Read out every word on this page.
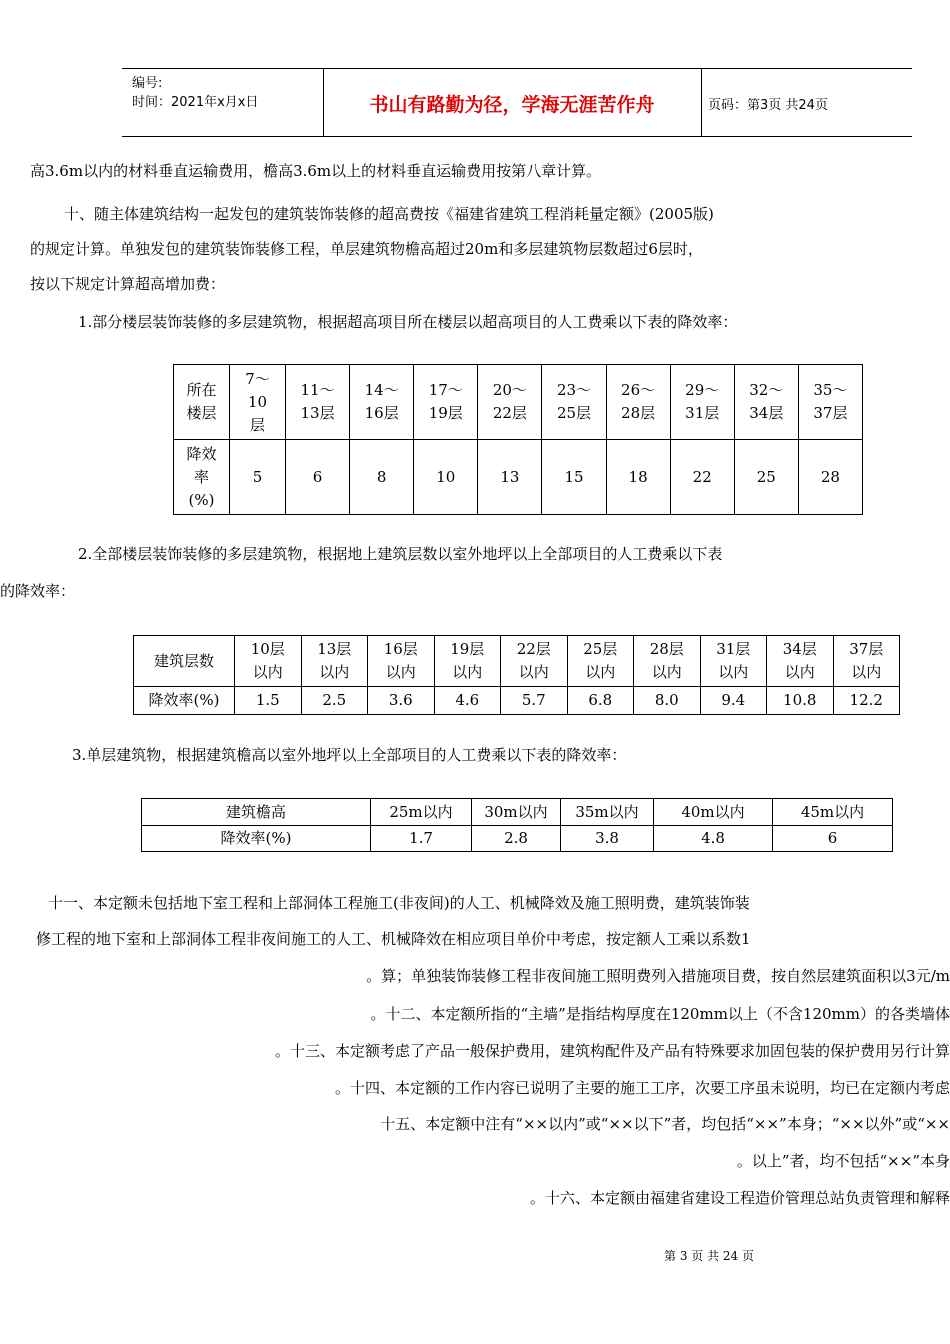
编号:
时间：2021年x月x日	书山有路勤为径，学海无涯苦作舟	页码：第3页 共24页
高3.6m以内的材料垂直运输费用，檐高3.6m以上的材料垂直运输费用按第八章计算。
十、随主体建筑结构一起发包的建筑装饰装修的超高费按《福建省建筑工程消耗量定额》(2005版)
的规定计算。单独发包的建筑装饰装修工程，单层建筑物檐高超过20m和多层建筑物层数超过6层时，
按以下规定计算超高增加费：
1.部分楼层装饰装修的多层建筑物，根据超高项目所在楼层以超高项目的人工费乘以下表的降效率：
所在
楼层	7～
10
层	11～
13层	14～
16层	17～
19层	20～
22层	23～
25层	26～
28层	29～
31层	32～
34层	35～
37层
降效
率
(%)	5	6	8	10	13	15	18	22	25	28
2.全部楼层装饰装修的多层建筑物，根据地上建筑层数以室外地坪以上全部项目的人工费乘以下表
的降效率：
建筑层数	10层
以内	13层
以内	16层
以内	19层
以内	22层
以内	25层
以内	28层
以内	31层
以内	34层
以内	37层
以内
降效率(%)	1.5	2.5	3.6	4.6	5.7	6.8	8.0	9.4	10.8	12.2
3.单层建筑物，根据建筑檐高以室外地坪以上全部项目的人工费乘以下表的降效率：
建筑檐高	25m以内	30m以内	35m以内	40m以内	45m以内
降效率(%)	1.7	2.8	3.8	4.8	6
十一、本定额未包括地下室工程和上部洞体工程施工(非夜间)的人工、机械降效及施工照明费，建筑装饰装
修工程的地下室和上部洞体工程非夜间施工的人工、机械降效在相应项目单价中考虑，按定额人工乘以系数1
。算；单独装饰装修工程非夜间施工照明费列入措施项目费，按自然层建筑面积以3元/m
。十二、本定额所指的“主墙”是指结构厚度在120mm以上（不含120mm）的各类墙体
。十三、本定额考虑了产品一般保护费用，建筑构配件及产品有特殊要求加固包装的保护费用另行计算
。十四、本定额的工作内容已说明了主要的施工工序，次要工序虽未说明，均已在定额内考虑
十五、本定额中注有“××以内”或“××以下”者，均包括“××”本身；“××以外”或“××
。以上”者，均不包括“××”本身
。十六、本定额由福建省建设工程造价管理总站负责管理和解释
第 3 页 共 24 页
